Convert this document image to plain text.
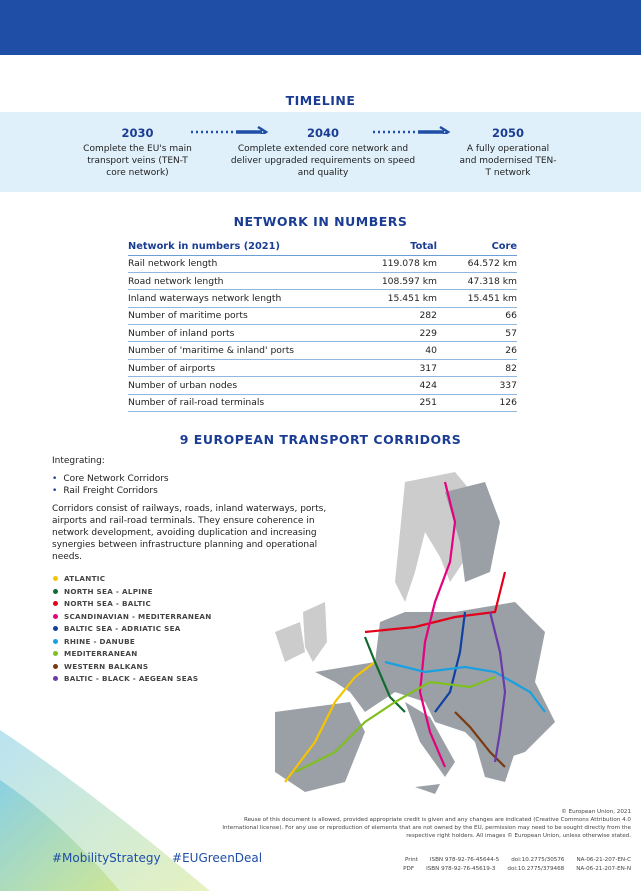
TIMELINE
2030
Complete the EU's main transport veins (TEN-T core network)
2040
Complete extended core network and deliver upgraded requirements on speed and quality
2050
A fully operational and modernised TEN-T network
NETWORK IN NUMBERS
Network in numbers (2021)	Total	Core
Rail network length	119.078 km	64.572 km
Road network length	108.597 km	47.318 km
Inland waterways network length	15.451 km	15.451 km
Number of maritime ports	282	66
Number of inland ports	229	57
Number of 'maritime & inland' ports	40	26
Number of airports	317	82
Number of urban nodes	424	337
Number of rail-road terminals	251	126
9 EUROPEAN TRANSPORT CORRIDORS
Integrating:
• Core Network Corridors
• Rail Freight Corridors
Corridors consist of railways, roads, inland waterways, ports, airports and rail-road terminals. They ensure coherence in network development, avoiding duplication and increasing synergies between infrastructure planning and operational needs.
ATLANTIC
NORTH SEA - ALPINE
NORTH SEA - BALTIC
SCANDINAVIAN - MEDITERRANEAN
BALTIC SEA - ADRIATIC SEA
RHINE - DANUBE
MEDITERRANEAN
WESTERN BALKANS
BALTIC - BLACK - AEGEAN SEAS
© European Union, 2021
Reuse of this document is allowed, provided appropriate credit is given and any changes are indicated (Creative Commons Attribution 4.0 International license). For any use or reproduction of elements that are not owned by the EU, permission may need to be sought directly from the respective right holders. All images © European Union, unless otherwise stated.
Print ISBN 978-92-76-45644-5 doi:10.2775/30576 NA-06-21-207-EN-C
PDF ISBN 978-92-76-45619-3 doi:10.2775/379468 NA-06-21-207-EN-N
#MobilityStrategy   #EUGreenDeal
